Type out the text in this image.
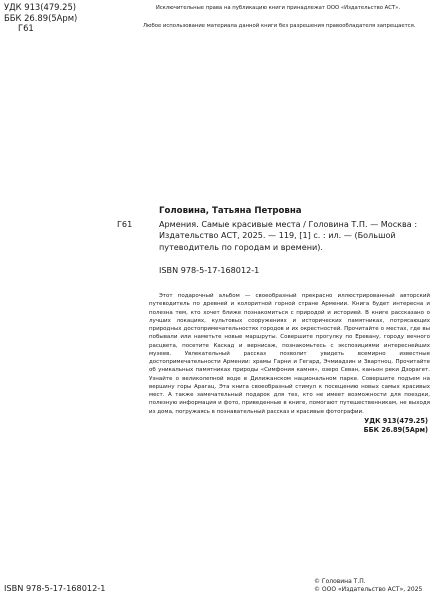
УДК 913(479.25)
ББК 26.89(5Арм)
Г61
Исключительные права на публикацию книги принадлежат ООО «Издательство АСТ».
Любое использование материала данной книги без разрешения правообладателя запрещается.
Головина, Татьяна Петровна
Г61	Армения. Самые красивые места / Головина Т.П. — Москва : Издательство АСТ, 2025. — 119, [1] с. : ил. — (Большой путеводитель по городам и времени).
ISBN 978-5-17-168012-1
Этот подарочный альбом — своеобразный прекрасно иллюстрированный авторский путеводитель по древней и колоритной горной стране Армении. Книга будет интересна и полезна тем, кто хочет ближе познакомиться с природой и историей. В книге рассказано о лучших локациях, культовых сооружениях и исторических памятниках, потрясающих природных достопримечательностях городов и их окрестностей. Прочитайте о местах, где вы побывали или наметьте новые маршруты. Совершите прогулку по Еревану, городу вечного расцвета, посетите Каскад и вернисаж, познакомьтесь с экспозициями интереснейших музеев. Увлекательный рассказ позволит увидеть всемирно известные достопримечательности Армении: храмы Гарни и Гегард, Эчмиадзин и Звартноц. Прочитайте об уникальных памятниках природы «Симфония камня», озеро Севан, каньон реки Дзорагет. Узнайте о великолепной воде в Дилижанском национальном парке. Совершите подъем на вершину горы Арагац. Эта книга своеобразный стимул к посещению новых самых красивых мест. А также замечательный подарок для тех, кто не имеет возможности для поездки, полезную информация и фото, приведенные в книге, помогают путешественникам, не выходя из дома, погружаясь в познавательный рассказ и красивые фотографии.
УДК 913(479.25)
ББК 26.89(5Арм)
ISBN 978-5-17-168012-1
© Головина Т.П.
© ООО «Издательство АСТ», 2025
